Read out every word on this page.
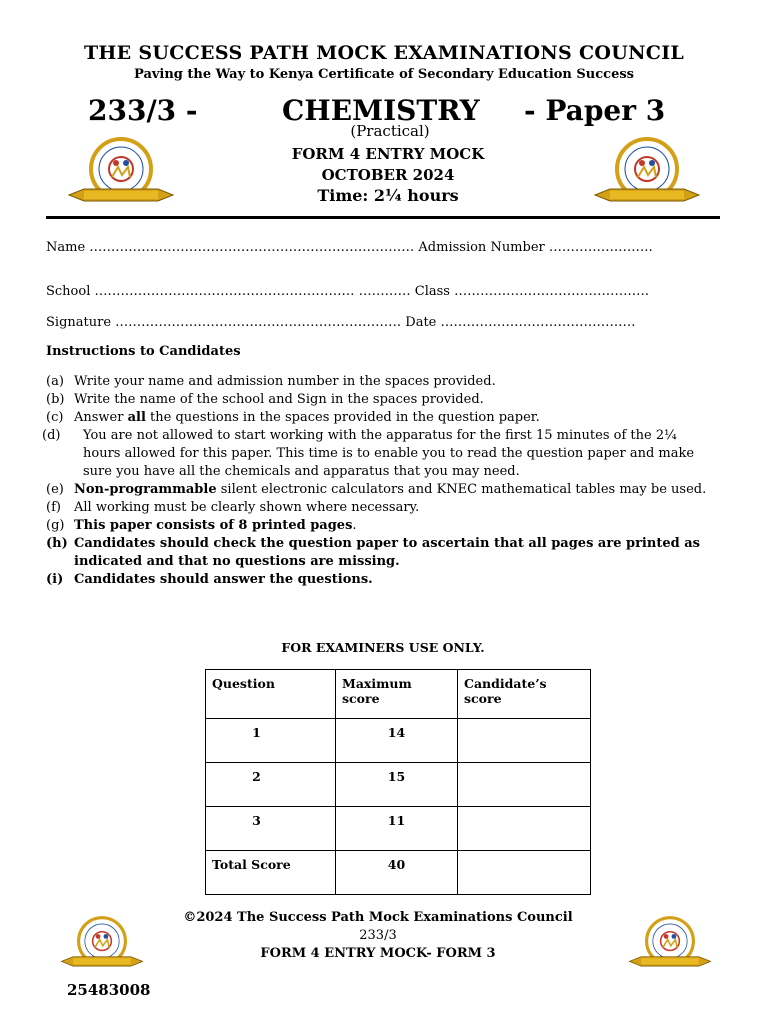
THE SUCCESS PATH MOCK EXAMINATIONS COUNCIL
Paving the Way to Kenya Certificate of Secondary Education Success
233/3 -	CHEMISTRY - Paper 3
(Practical)
FORM 4 ENTRY MOCK
OCTOBER 2024
Time: 2¼ hours
Name ………………………………………………………………… Admission Number ……………………
School …………………………………………………… ………… Class ………………………………………
Signature ………………………………………………………… Date ………………………………………
Instructions to Candidates
(a) Write your name and admission number in the spaces provided.
(b) Write the name of the school and Sign in the spaces provided.
(c) Answer all the questions in the spaces provided in the question paper.
(d) You are not allowed to start working with the apparatus for the first 15 minutes of the 2¼ hours allowed for this paper. This time is to enable you to read the question paper and make sure you have all the chemicals and apparatus that you may need.
(e) Non-programmable silent electronic calculators and KNEC mathematical tables may be used.
(f) All working must be clearly shown where necessary.
(g) This paper consists of 8 printed pages.
(h) Candidates should check the question paper to ascertain that all pages are printed as indicated and that no questions are missing.
(i) Candidates should answer the questions.
FOR EXAMINERS USE ONLY.
Question	Maximum score	Candidate’s score
1	14	
2	15	
3	11	
Total Score	40	
©2024 The Success Path Mock Examinations Council
233/3
FORM 4 ENTRY MOCK- FORM 3
25483008
